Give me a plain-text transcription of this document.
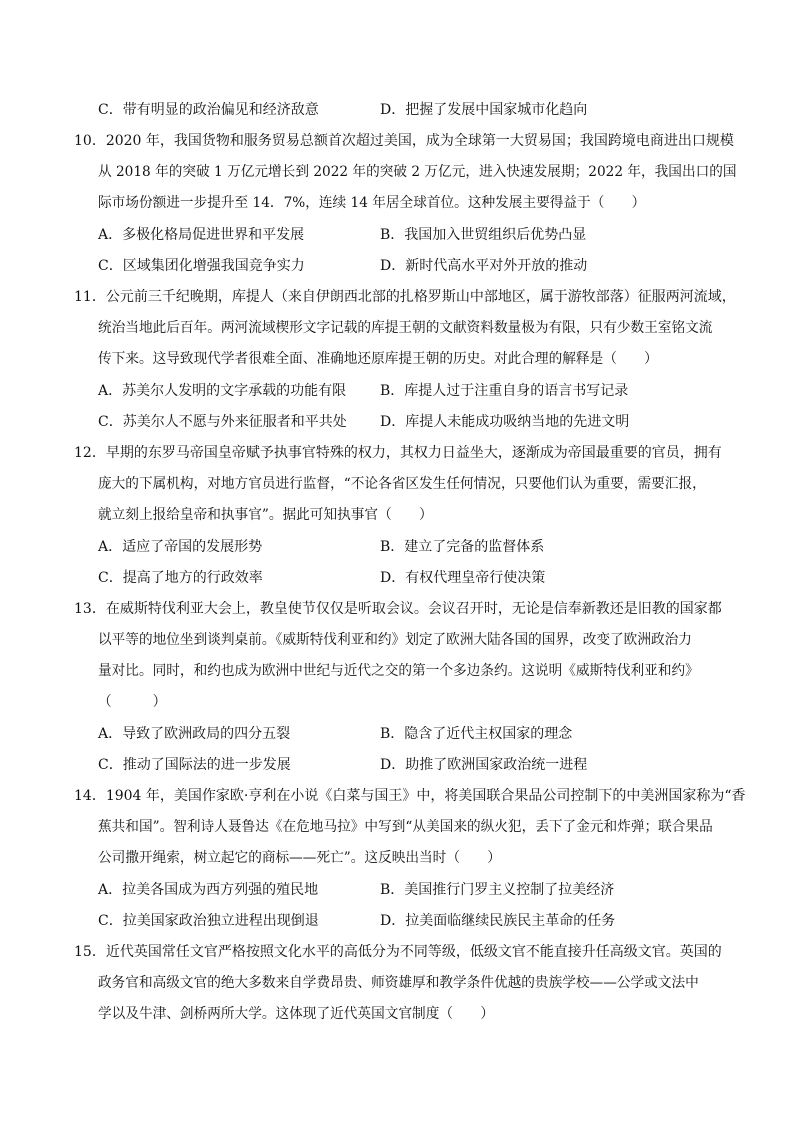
C．带有明显的政治偏见和经济敌意	D．把握了发展中国家城市化趋向
10．2020 年，我国货物和服务贸易总额首次超过美国，成为全球第一大贸易国；我国跨境电商进出口规模
从 2018 年的突破 1 万亿元增长到 2022 年的突破 2 万亿元，进入快速发展期；2022 年，我国出口的国
际市场份额进一步提升至 14．7%，连续 14 年居全球首位。这种发展主要得益于（　　）
A．多极化格局促进世界和平发展	B．我国加入世贸组织后优势凸显
C．区域集团化增强我国竞争实力	D．新时代高水平对外开放的推动
11．公元前三千纪晚期，库提人（来自伊朗西北部的扎格罗斯山中部地区，属于游牧部落）征服两河流域，
统治当地此后百年。两河流域楔形文字记载的库提王朝的文献资料数量极为有限，只有少数王室铭文流
传下来。这导致现代学者很难全面、准确地还原库提王朝的历史。对此合理的解释是（　　）
A．苏美尔人发明的文字承载的功能有限 B．库提人过于注重自身的语言书写记录
C．苏美尔人不愿与外来征服者和平共处 D．库提人未能成功吸纳当地的先进文明
12．早期的东罗马帝国皇帝赋予执事官特殊的权力，其权力日益坐大，逐渐成为帝国最重要的官员，拥有
庞大的下属机构，对地方官员进行监督，“不论各省区发生任何情况，只要他们认为重要，需要汇报，
就立刻上报给皇帝和执事官”。据此可知执事官（　　）
A．适应了帝国的发展形势	B．建立了完备的监督体系
C．提高了地方的行政效率	D．有权代理皇帝行使决策
13．在威斯特伐利亚大会上，教皇使节仅仅是听取会议。会议召开时，无论是信奉新教还是旧教的国家都
以平等的地位坐到谈判桌前。《威斯特伐利亚和约》划定了欧洲大陆各国的国界，改变了欧洲政治力
量对比。同时，和约也成为欧洲中世纪与近代之交的第一个多边条约。这说明《威斯特伐利亚和约》
（　　　）
A．导致了欧洲政局的四分五裂	B．隐含了近代主权国家的理念
C．推动了国际法的进一步发展	D．助推了欧洲国家政治统一进程
14．1904 年，美国作家欧·亨利在小说《白菜与国王》中，将美国联合果品公司控制下的中美洲国家称为“香
蕉共和国”。智利诗人聂鲁达《在危地马拉》中写到“从美国来的纵火犯，丢下了金元和炸弹；联合果品
公司撒开绳索，树立起它的商标——死亡”。这反映出当时（　　）
A．拉美各国成为西方列强的殖民地	B．美国推行门罗主义控制了拉美经济
C．拉美国家政治独立进程出现倒退	D．拉美面临继续民族民主革命的任务
15．近代英国常任文官严格按照文化水平的高低分为不同等级，低级文官不能直接升任高级文官。英国的
政务官和高级文官的绝大多数来自学费昂贵、师资雄厚和教学条件优越的贵族学校——公学或文法中
学以及牛津、剑桥两所大学。这体现了近代英国文官制度（　　）
